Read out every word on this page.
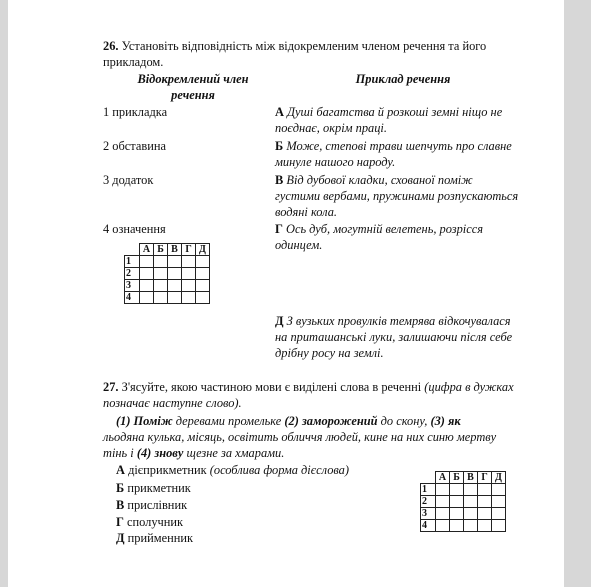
26. Установіть відповідність між відокремленим членом речення та його
прикладом.
Відокремлений член
речення
Приклад речення
1 прикладка
2 обставина
3 додаток
4 означення
А Душі багатства й розкоші земні ніщо не
поєднає, окрім праці.
Б Може, степові трави шепчуть про славне
минуле нашого народу.
В Від дубової кладки, схованої поміж
густими вербами, пружинами розпускаються
водяні кола.
Г Ось дуб, могутній велетень, розрісся
одинцем.
Д З вузьких провулків темрява відкочувалася
на приташанські луки, залишаючи після себе
дрібну росу на землі.
	А	Б	В	Г	Д
1					
2					
3					
4					
27. З'ясуйте, якою частиною мови є виділені слова в реченні (цифра в дужках
позначає наступне слово).
(1) Поміж деревами промельке (2) заморожений до скону, (3) як
льодяна кулька, місяць, освітить обличчя людей, кине на них синю мертву
тінь і (4) знову щезне за хмарами.
А дієприкметник (особлива форма дієслова)
Б прикметник
В прислівник
Г сполучник
Д прийменник
	А	Б	В	Г	Д
1					
2					
3					
4					
